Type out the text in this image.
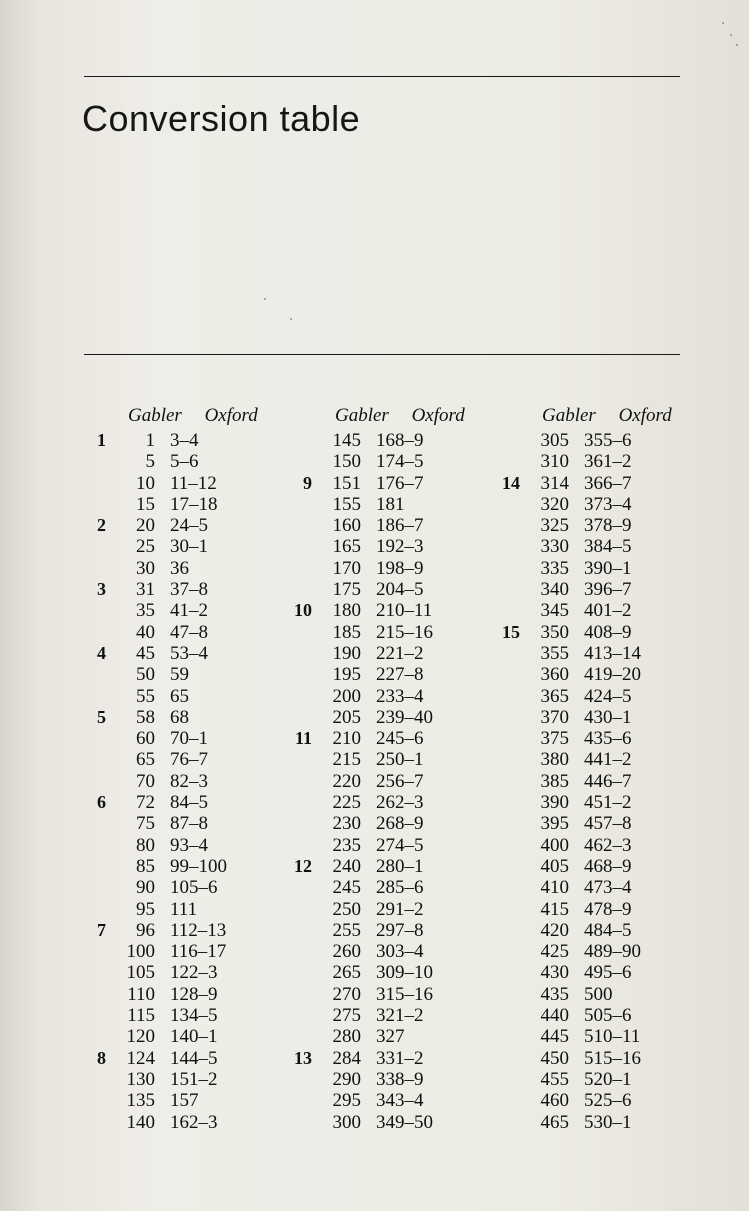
Conversion table
Gabler Oxford	Gabler Oxford	Gabler Oxford
1	1 3–4
5 5–6
10 11–12
15 17–18
2	20 24–5
25 30–1
30 36
3	31 37–8
35 41–2
40 47–8
4	45 53–4
50 59
55 65
5	58 68
60 70–1
65 76–7
70 82–3
6	72 84–5
75 87–8
80 93–4
85 99–100
90 105–6
95 111
7	96 112–13
100 116–17
105 122–3
110 128–9
115 134–5
120 140–1
8	124 144–5
130 151–2
135 157
140 162–3
145 168–9
150 174–5
9	151 176–7
155 181
160 186–7
165 192–3
170 198–9
175 204–5
10	180 210–11
185 215–16
190 221–2
195 227–8
200 233–4
205 239–40
11	210 245–6
215 250–1
220 256–7
225 262–3
230 268–9
235 274–5
12	240 280–1
245 285–6
250 291–2
255 297–8
260 303–4
265 309–10
270 315–16
275 321–2
280 327
13	284 331–2
290 338–9
295 343–4
300 349–50
305 355–6
310 361–2
14	314 366–7
320 373–4
325 378–9
330 384–5
335 390–1
340 396–7
345 401–2
15	350 408–9
355 413–14
360 419–20
365 424–5
370 430–1
375 435–6
380 441–2
385 446–7
390 451–2
395 457–8
400 462–3
405 468–9
410 473–4
415 478–9
420 484–5
425 489–90
430 495–6
435 500
440 505–6
445 510–11
450 515–16
455 520–1
460 525–6
465 530–1
